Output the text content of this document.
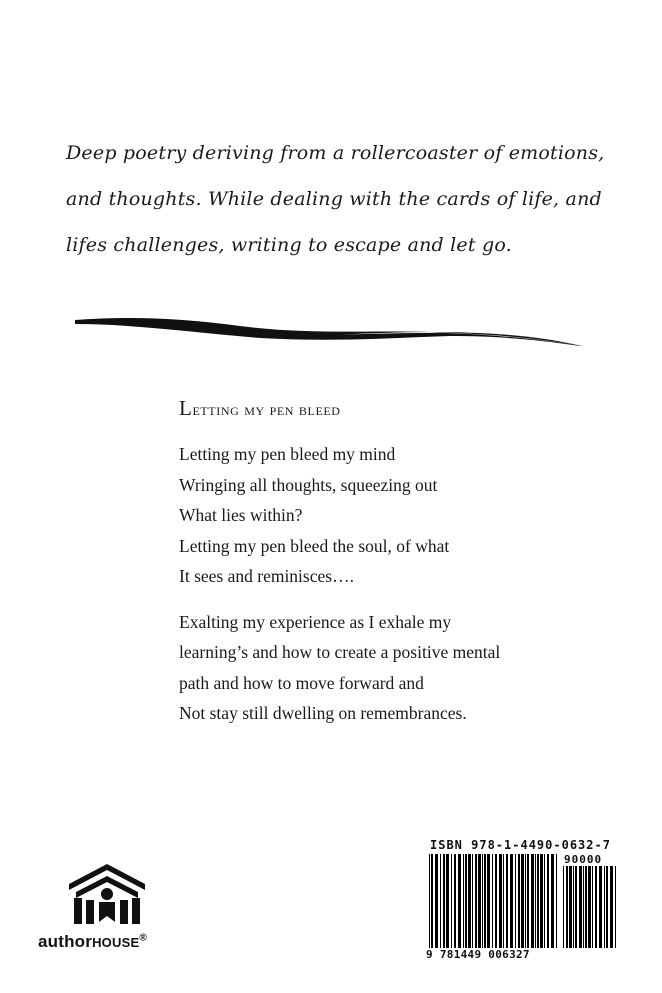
Deep poetry deriving from a rollercoaster of emotions,
and thoughts. While dealing with the cards of life, and
lifes challenges, writing to escape and let go.
Letting my pen bleed
Letting my pen bleed my mind
Wringing all thoughts, squeezing out
What lies within?
Letting my pen bleed the soul, of what
It sees and reminisces….
Exalting my experience as I exhale my
learning’s and how to create a positive mental
path and how to move forward and
Not stay still dwelling on remembrances.
authorHOUSE®
ISBN 978-1-4490-0632-7
90000
9 781449 006327
